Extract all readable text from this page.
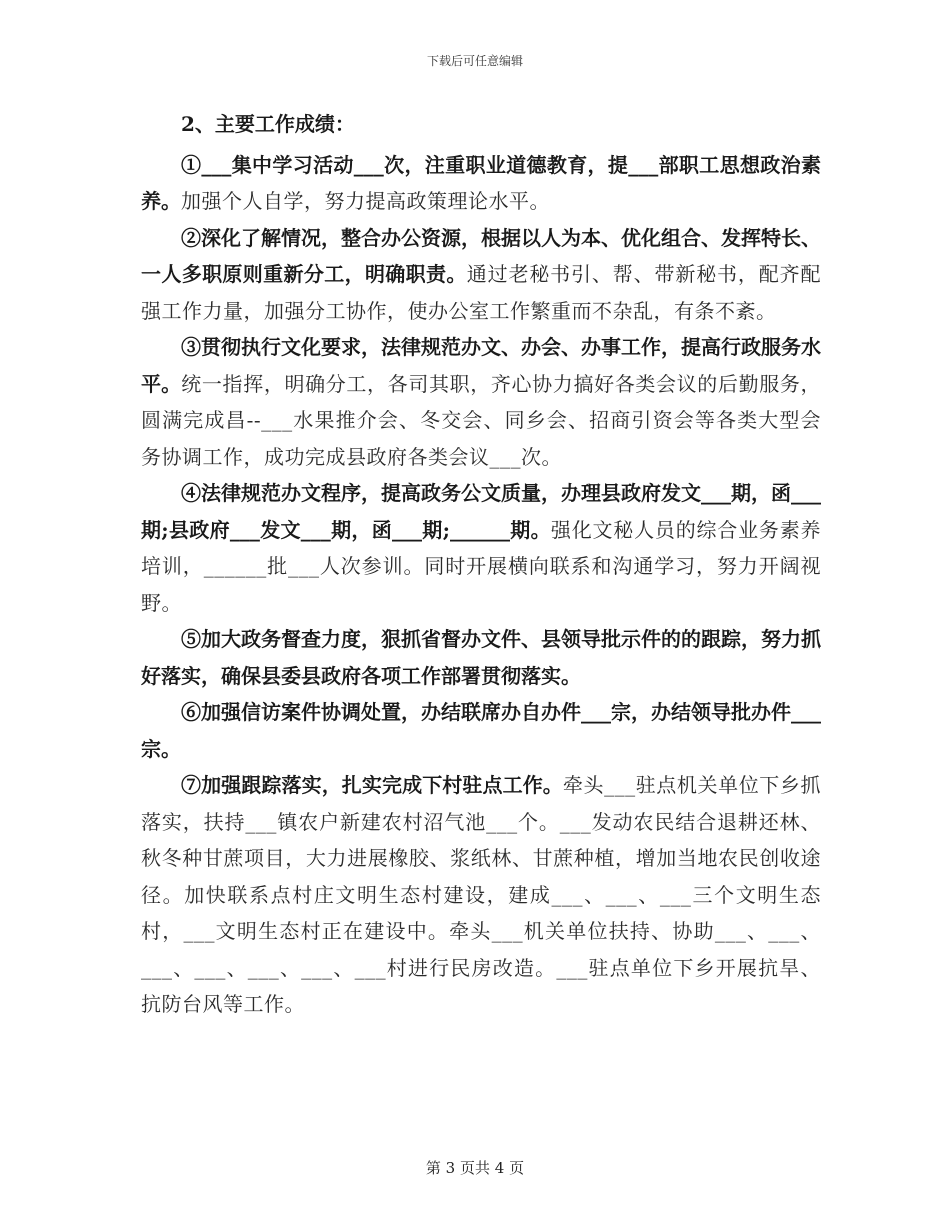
下载后可任意编辑

2、主要工作成绩：

①___集中学习活动___次，注重职业道德教育，提___部职工思想政治素养。加强个人自学，努力提高政策理论水平。

②深化了解情况，整合办公资源，根据以人为本、优化组合、发挥特长、一人多职原则重新分工，明确职责。通过老秘书引、帮、带新秘书，配齐配强工作力量，加强分工协作，使办公室工作繁重而不杂乱，有条不紊。

③贯彻执行文化要求，法律规范办文、办会、办事工作，提高行政服务水平。统一指挥，明确分工，各司其职，齐心协力搞好各类会议的后勤服务，圆满完成昌--___水果推介会、冬交会、同乡会、招商引资会等各类大型会务协调工作，成功完成县政府各类会议___次。

④法律规范办文程序，提高政务公文质量，办理县政府发文___期，函___期;县政府___发文___期，函___期;______期。强化文秘人员的综合业务素养培训，______批___人次参训。同时开展横向联系和沟通学习，努力开阔视野。

⑤加大政务督查力度，狠抓省督办文件、县领导批示件的的跟踪，努力抓好落实，确保县委县政府各项工作部署贯彻落实。

⑥加强信访案件协调处置，办结联席办自办件___宗，办结领导批办件___宗。

⑦加强跟踪落实，扎实完成下村驻点工作。牵头___驻点机关单位下乡抓落实，扶持___镇农户新建农村沼气池___个。___发动农民结合退耕还林、秋冬种甘蔗项目，大力进展橡胶、浆纸林、甘蔗种植，增加当地农民创收途径。加快联系点村庄文明生态村建设，建成___、___、___三个文明生态村，___文明生态村正在建设中。牵头___机关单位扶持、协助___、___、___、___、___、___、___村进行民房改造。___驻点单位下乡开展抗旱、抗防台风等工作。

第 3 页共 4 页
